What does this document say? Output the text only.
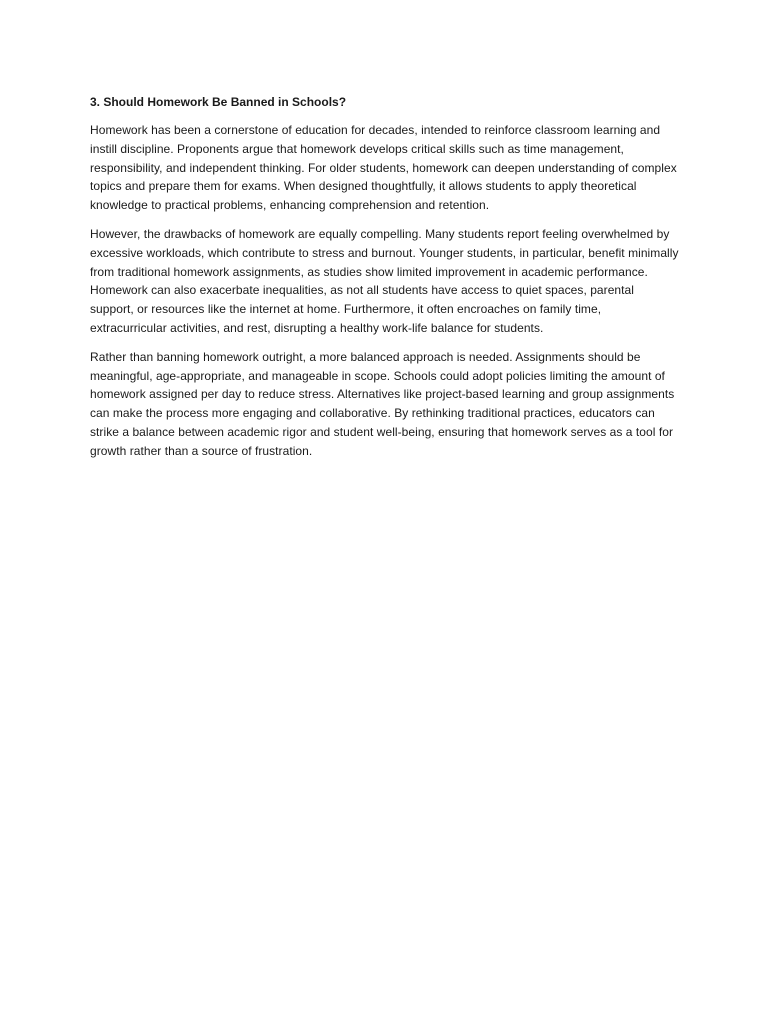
3. Should Homework Be Banned in Schools?

Homework has been a cornerstone of education for decades, intended to reinforce classroom learning and instill discipline. Proponents argue that homework develops critical skills such as time management, responsibility, and independent thinking. For older students, homework can deepen understanding of complex topics and prepare them for exams. When designed thoughtfully, it allows students to apply theoretical knowledge to practical problems, enhancing comprehension and retention.

However, the drawbacks of homework are equally compelling. Many students report feeling overwhelmed by excessive workloads, which contribute to stress and burnout. Younger students, in particular, benefit minimally from traditional homework assignments, as studies show limited improvement in academic performance. Homework can also exacerbate inequalities, as not all students have access to quiet spaces, parental support, or resources like the internet at home. Furthermore, it often encroaches on family time, extracurricular activities, and rest, disrupting a healthy work-life balance for students.

Rather than banning homework outright, a more balanced approach is needed. Assignments should be meaningful, age-appropriate, and manageable in scope. Schools could adopt policies limiting the amount of homework assigned per day to reduce stress. Alternatives like project-based learning and group assignments can make the process more engaging and collaborative. By rethinking traditional practices, educators can strike a balance between academic rigor and student well-being, ensuring that homework serves as a tool for growth rather than a source of frustration.
